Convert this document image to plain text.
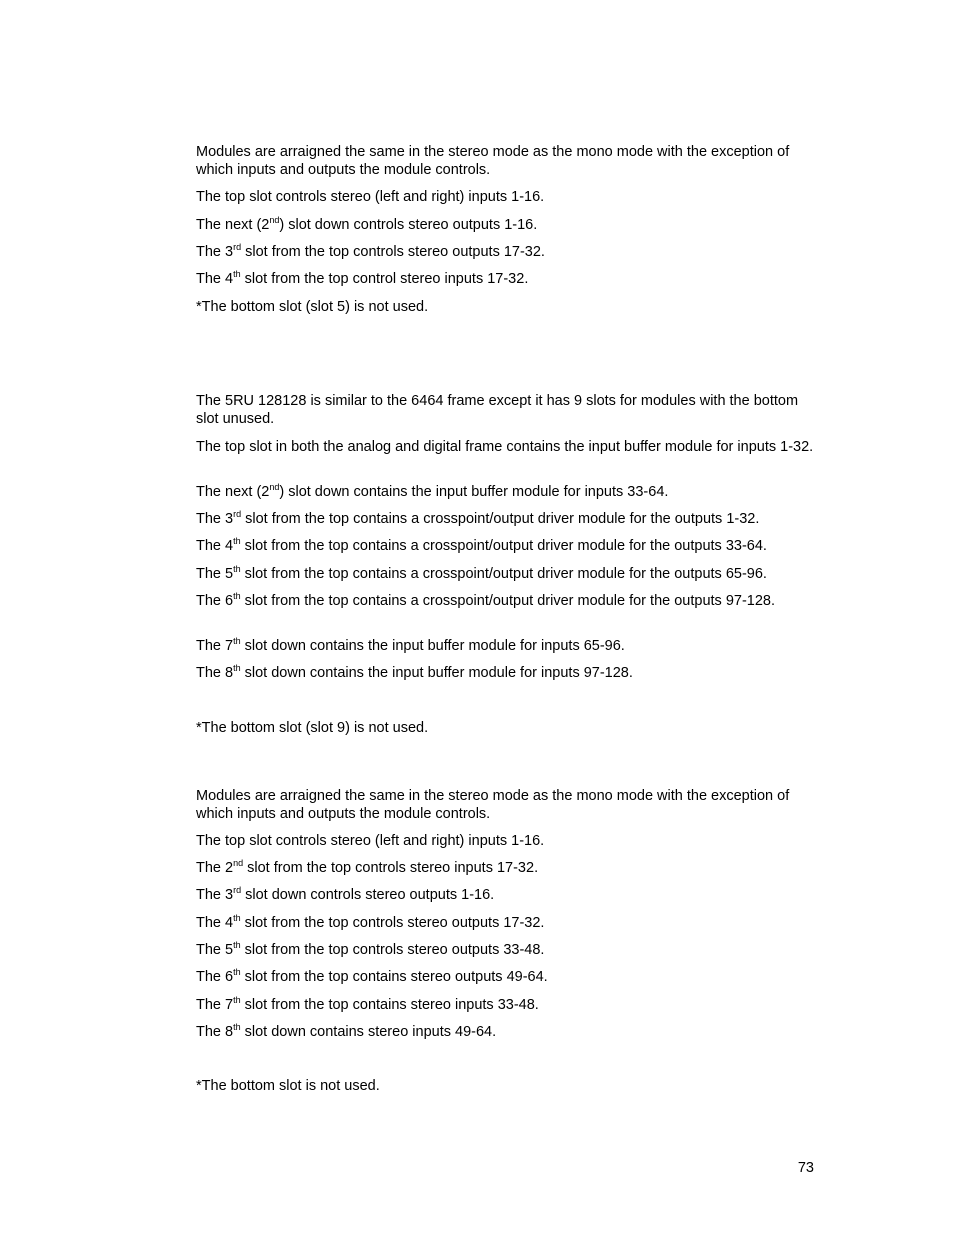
Modules are arraigned the same in the stereo mode as the mono mode with the exception of which inputs and outputs the module controls.

The top slot controls stereo (left and right) inputs 1-16.

The next (2nd) slot down controls stereo outputs 1-16.

The 3rd slot from the top controls stereo outputs 17-32.

The 4th slot from the top control stereo inputs 17-32.

*The bottom slot (slot 5) is not used.

The 5RU 128128 is similar to the 6464 frame except it has 9 slots for modules with the bottom slot unused.

The top slot in both the analog and digital frame contains the input buffer module for inputs 1-32.

The next (2nd) slot down contains the input buffer module for inputs 33-64.

The 3rd slot from the top contains a crosspoint/output driver module for the outputs 1-32.

The 4th slot from the top contains a crosspoint/output driver module for the outputs 33-64.

The 5th slot from the top contains a crosspoint/output driver module for the outputs 65-96.

The 6th slot from the top contains a crosspoint/output driver module for the outputs 97-128.

The 7th slot down contains the input buffer module for inputs 65-96.

The 8th slot down contains the input buffer module for inputs 97-128.

*The bottom slot (slot 9) is not used.

Modules are arraigned the same in the stereo mode as the mono mode with the exception of which inputs and outputs the module controls.

The top slot controls stereo (left and right) inputs 1-16.

The 2nd slot from the top controls stereo inputs 17-32.

The 3rd slot down controls stereo outputs 1-16.

The 4th slot from the top controls stereo outputs 17-32.

The 5th slot from the top controls stereo outputs 33-48.

The 6th slot from the top contains stereo outputs 49-64.

The 7th slot from the top contains stereo inputs 33-48.

The 8th slot down contains stereo inputs 49-64.

*The bottom slot is not used.

73
